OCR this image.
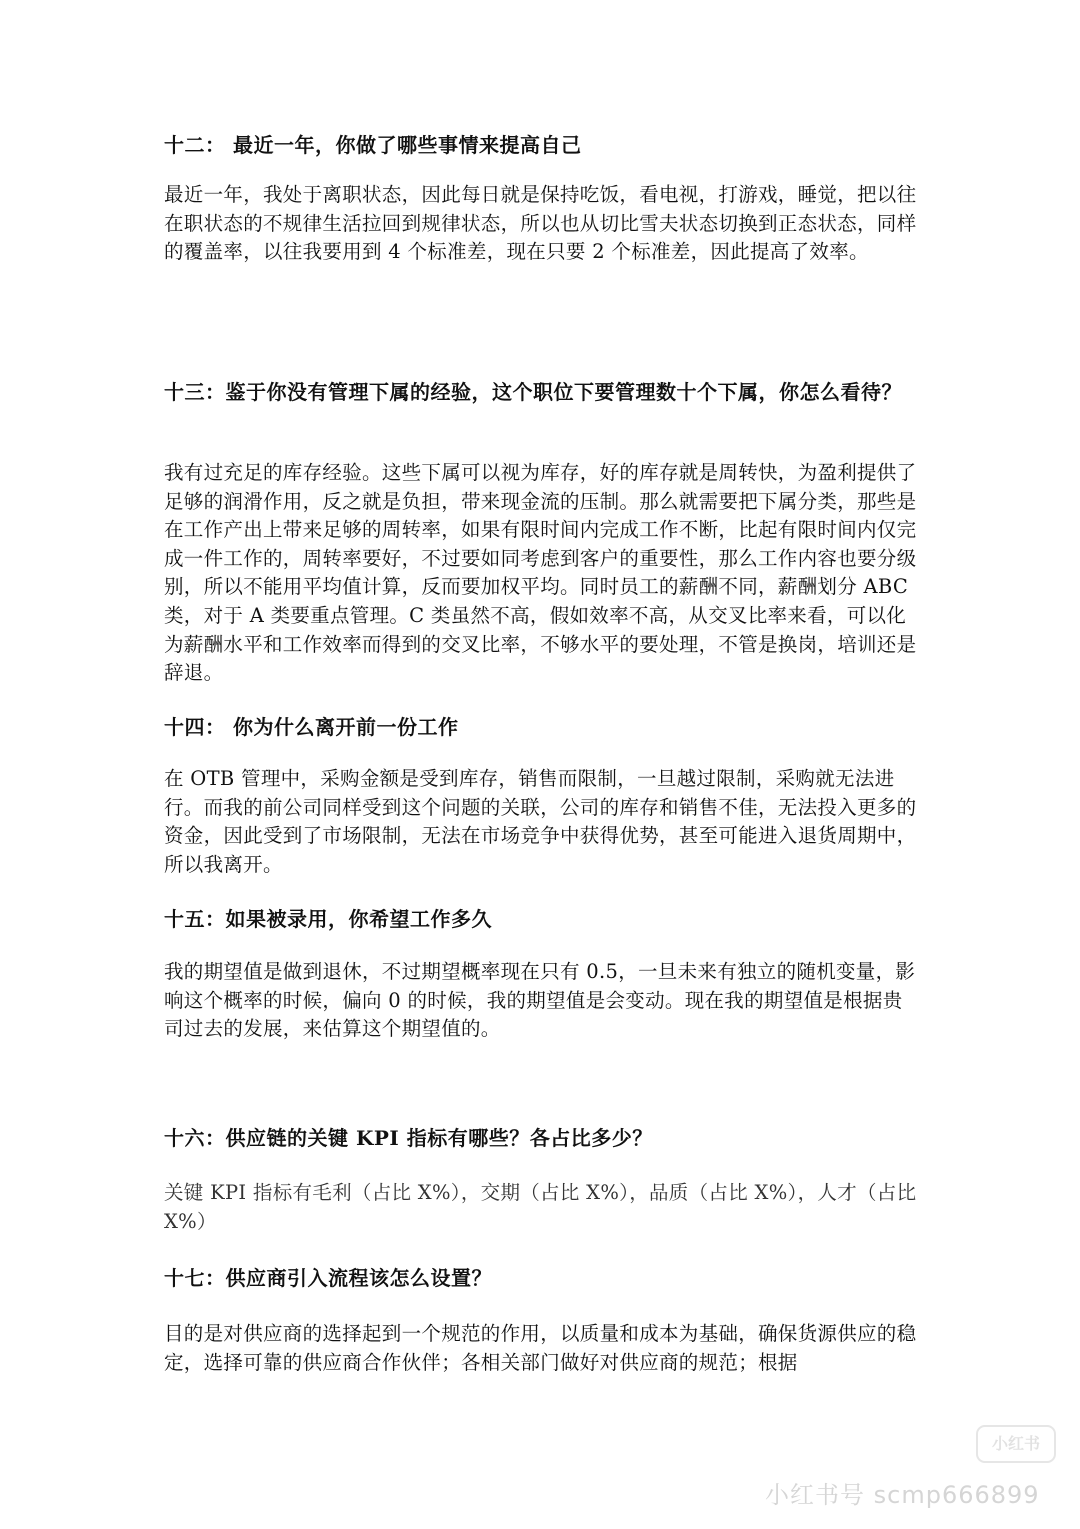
十二： 最近一年，你做了哪些事情来提高自己
最近一年，我处于离职状态，因此每日就是保持吃饭，看电视，打游戏，睡觉，把以往在职状态的不规律生活拉回到规律状态，所以也从切比雪夫状态切换到正态状态，同样的覆盖率，以往我要用到 4 个标准差，现在只要 2 个标准差，因此提高了效率。
十三：鉴于你没有管理下属的经验，这个职位下要管理数十个下属，你怎么看待？
我有过充足的库存经验。这些下属可以视为库存，好的库存就是周转快，为盈利提供了足够的润滑作用，反之就是负担，带来现金流的压制。那么就需要把下属分类，那些是在工作产出上带来足够的周转率，如果有限时间内完成工作不断，比起有限时间内仅完成一件工作的，周转率要好，不过要如同考虑到客户的重要性，那么工作内容也要分级别，所以不能用平均值计算，反而要加权平均。同时员工的薪酬不同，薪酬划分 ABC 类，对于 A 类要重点管理。C 类虽然不高，假如效率不高，从交叉比率来看，可以化为薪酬水平和工作效率而得到的交叉比率，不够水平的要处理，不管是换岗，培训还是辞退。
十四： 你为什么离开前一份工作
在 OTB 管理中，采购金额是受到库存，销售而限制，一旦越过限制，采购就无法进行。而我的前公司同样受到这个问题的关联，公司的库存和销售不佳，无法投入更多的资金，因此受到了市场限制，无法在市场竞争中获得优势，甚至可能进入退货周期中，所以我离开。
十五：如果被录用，你希望工作多久
我的期望值是做到退休，不过期望概率现在只有 0.5，一旦未来有独立的随机变量，影响这个概率的时候，偏向 0 的时候，我的期望值是会变动。现在我的期望值是根据贵司过去的发展，来估算这个期望值的。
十六：供应链的关键 KPI 指标有哪些？各占比多少？
关键 KPI 指标有毛利（占比 X%），交期（占比 X%），品质（占比 X%），人才（占比 X%）
十七：供应商引入流程该怎么设置？
目的是对供应商的选择起到一个规范的作用，以质量和成本为基础，确保货源供应的稳定，选择可靠的供应商合作伙伴；各相关部门做好对供应商的规范；根据
小红书
小红书号 scmp666899
